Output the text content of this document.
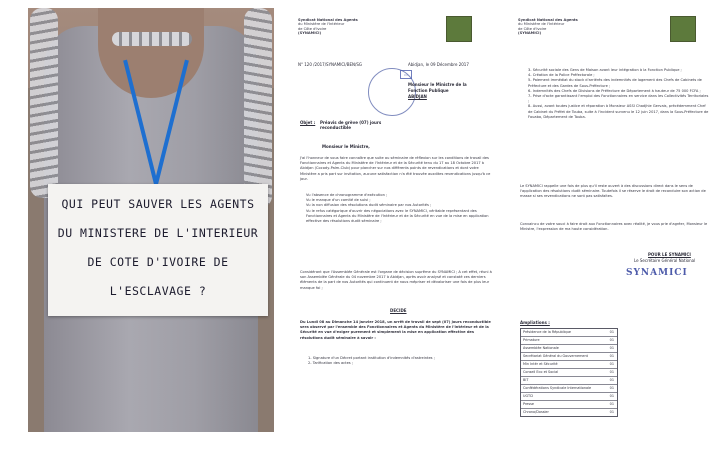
QUI PEUT SAUVER LES AGENTS
DU MINISTERE DE L'INTERIEUR
DE COTE D'IVOIRE DE
L'ESCLAVAGE ?
Syndicat National des Agents
du Ministère de l'Intérieur
de Côte d'Ivoire
(SYNAMICI)
N° 120 /2017/SYNAMICI/BEN/SG	Abidjan, le 09 Décembre 2017
▭
Monsieur le Ministre de la
Fonction Publique
ABIDJAN
Objet : Préavis de grève (07) jours reconductible
Monsieur le Ministre,
J'ai l'honneur de vous faire connaître que suite au séminaire de réflexion sur les conditions de travail des Fonctionnaires et Agents du Ministère de l'Intérieur et de la Sécurité tenu du 17 au 18 Octobre 2017 à Abidjan (Cocody-Palm-Club) pour plancher sur nos différents points de revendications et dont votre Ministère a pris part sur invitation, aucune satisfaction n'a été trouvée auxdites revendications jusqu'à ce jour.
Vu l'absence de chronogramme d'exécution ;
Vu le manque d'un comité de suivi ;
Vu la non diffusion des résolutions dudit séminaire par nos Autorités ;
Vu le refus catégorique d'ouvrir des négociations avec le SYNAMICI, véritable représentant des Fonctionnaires et Agents du Ministère de l'Intérieur et de la Sécurité en vue de la mise en application effective des résolutions dudit séminaire ;
Considérant que l'Assemblée Générale est l'organe de décision suprême du SYNAMICI ; A cet effet, réuni à son Assemblée Générale du 04 novembre 2017 à Abidjan, après avoir analysé et constaté ces derniers éléments de la part de nos Autorités qui continuent de nous mépriser et dévaloriser une fois de plus leur manque foi ;
DECIDE
Du Lundi 08 au Dimanche 14 Janvier 2018, un arrêt de travail de sept (07) jours reconductible sera observé par l'ensemble des Fonctionnaires et Agents du Ministère de l'Intérieur et de la Sécurité en vue d'exiger purement et simplement la mise en application effective des résolutions dudit séminaire à savoir :
1- Signature d'un Décret portant institution d'indemnités d'astreintes ;
2- Tarification des actes ;
Syndicat National des Agents
du Ministère de l'Intérieur
de Côte d'Ivoire
(SYNAMICI)
3- Sécurité sociale des Gens de Maison avant leur intégration à la Fonction Publique ;
4- Création de la Police Préfectorale ;
5- Paiement immédiat du stock d'arriérés des indemnités de logement des Chefs de Cabinets de Préfecture et des Gardes de Sous-Préfecture ;
6- Indemnités des Chefs de Divisions de Préfecture de Département à hauteur de 75 000 FCFA ;
7- Prise d'acte garantissant l'emploi des Fonctionnaires en service dans les Collectivités Territoriales ;
8- Aussi, avant toutes justice et réparation à Monsieur ASSI Chadjhie Gervais, précédemment Chef de Cabinet du Préfet de Touba, suite à l'incident survenu le 12 juin 2017, dans la Sous-Préfecture de Fouaba, Département de Touba.
Le SYNAMICI rappelle une fois de plus qu'il reste ouvert à des discussions direct dans le sens de l'application des résolutions dudit séminaire. Toutefois il se réserve le droit de reconduire son action de masse si ses revendications ne sont pas satisfaites.
Convaincu de votre souci à faire droit aux Fonctionnaires avec réalité, je vous prie d'agréer, Monsieur le Ministre, l'expression de ma haute considération.
POUR LE SYNAMICI
Le Secrétaire Général National
SYNAMICI
Ampliations :
Présidence de la République	01
Primature	01
Assemblée Nationale	01
Secrétariat Général du Gouvernement	01
Min Intér et Sécurité	01
Conseil Eco et Social	01
BIT	01
Confédérations Syndicale Internationale	01
UGTCI	01
Presse	01
Chrono/Dossier	01
